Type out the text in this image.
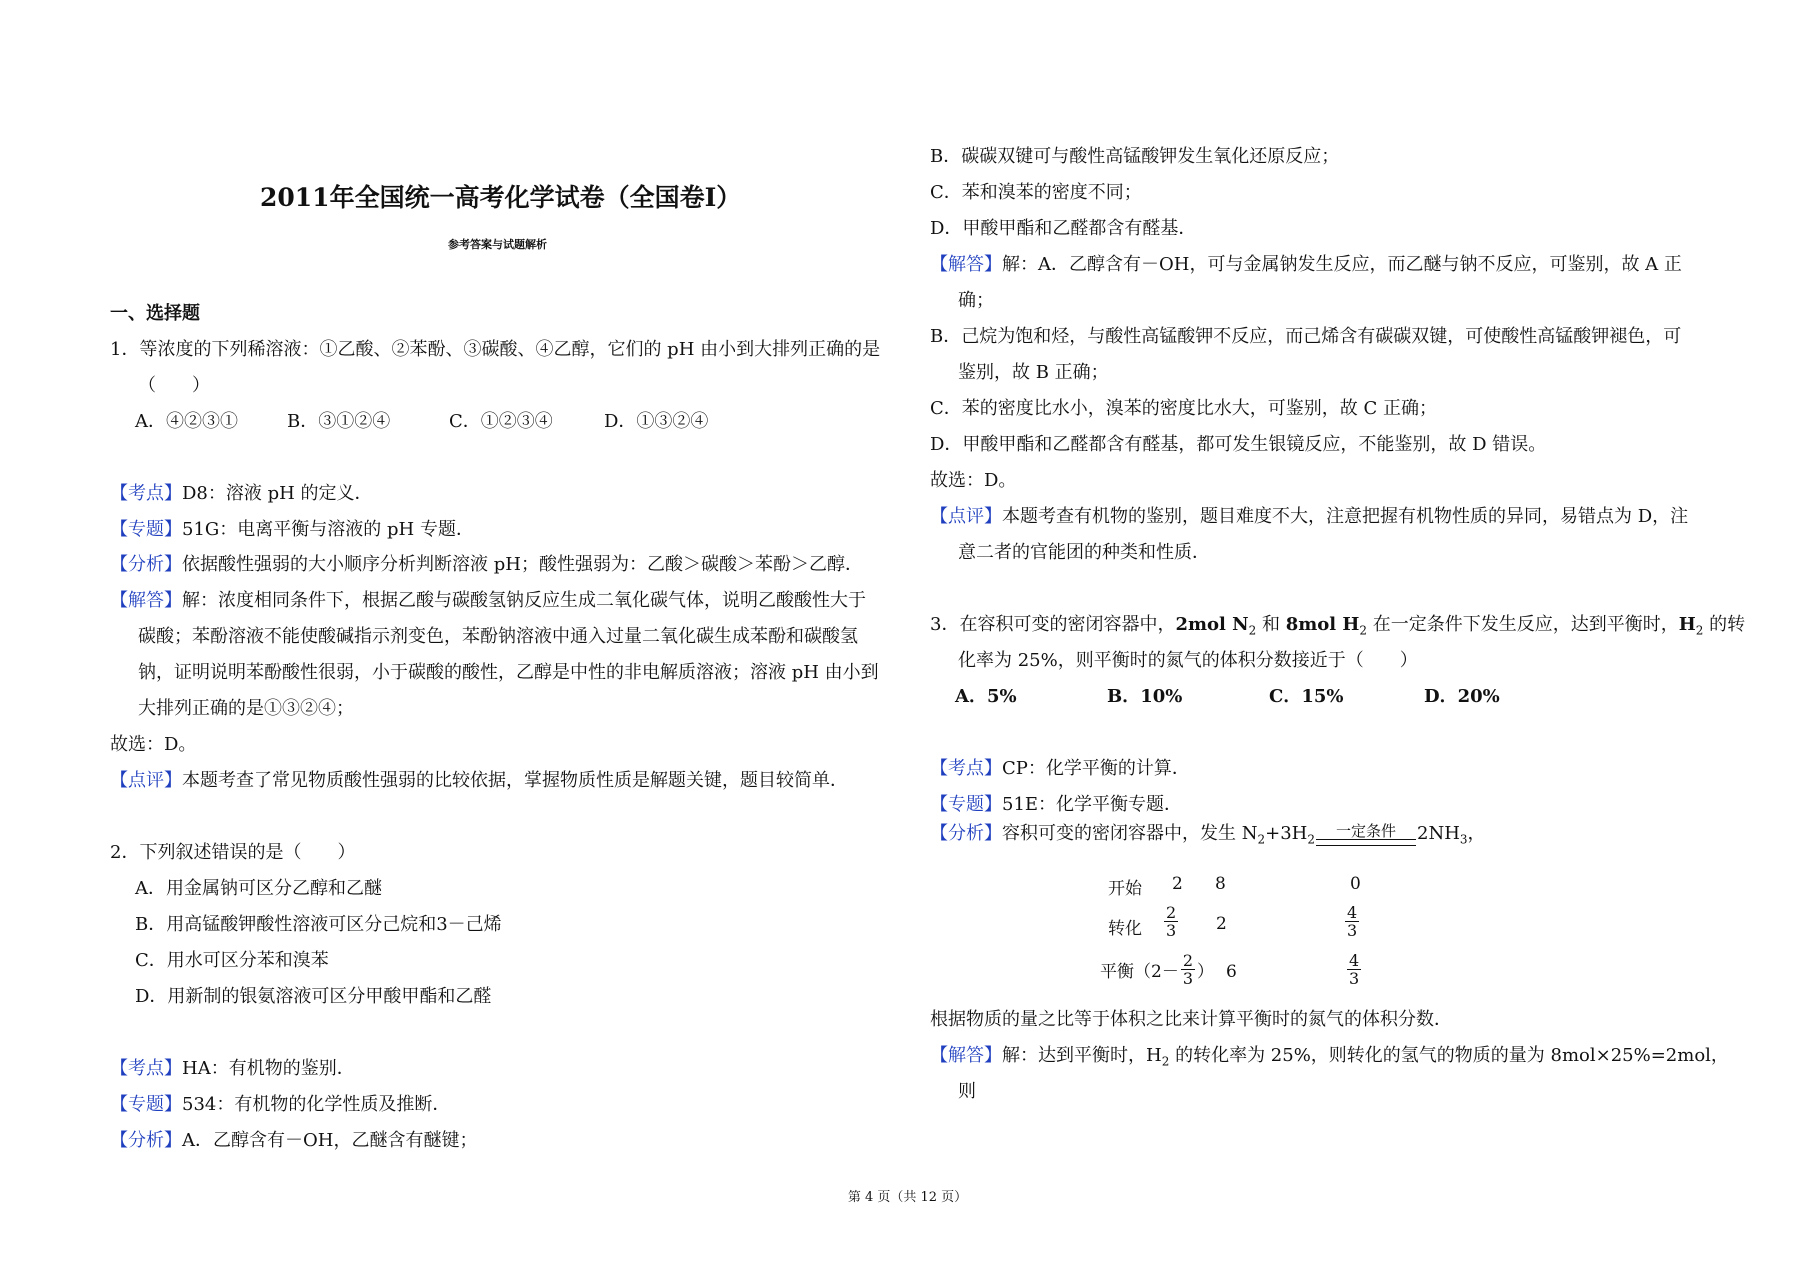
2011年全国统一高考化学试卷（全国卷I）
参考答案与试题解析
一、选择题
1．等浓度的下列稀溶液：①乙酸、②苯酚、③碳酸、④乙醇，它们的 pH 由小到大排列正确的是
（　　）
A．④②③①	B．③①②④	C．①②③④	D．①③②④
【考点】D8：溶液 pH 的定义．
【专题】51G：电离平衡与溶液的 pH 专题．
【分析】依据酸性强弱的大小顺序分析判断溶液 pH；酸性强弱为：乙酸＞碳酸＞苯酚＞乙醇．
【解答】解：浓度相同条件下，根据乙酸与碳酸氢钠反应生成二氧化碳气体，说明乙酸酸性大于
碳酸；苯酚溶液不能使酸碱指示剂变色，苯酚钠溶液中通入过量二氧化碳生成苯酚和碳酸氢
钠，证明说明苯酚酸性很弱，小于碳酸的酸性，乙醇是中性的非电解质溶液；溶液 pH 由小到
大排列正确的是①③②④；
故选：D。
【点评】本题考查了常见物质酸性强弱的比较依据，掌握物质性质是解题关键，题目较简单．
2．下列叙述错误的是（　　）
A．用金属钠可区分乙醇和乙醚
B．用高锰酸钾酸性溶液可区分己烷和3－己烯
C．用水可区分苯和溴苯
D．用新制的银氨溶液可区分甲酸甲酯和乙醛
【考点】HA：有机物的鉴别．
【专题】534：有机物的化学性质及推断．
【分析】A．乙醇含有－OH，乙醚含有醚键；
B．碳碳双键可与酸性高锰酸钾发生氧化还原反应；
C．苯和溴苯的密度不同；
D．甲酸甲酯和乙醛都含有醛基．
【解答】解：A．乙醇含有－OH，可与金属钠发生反应，而乙醚与钠不反应，可鉴别，故 A 正
确；
B．己烷为饱和烃，与酸性高锰酸钾不反应，而己烯含有碳碳双键，可使酸性高锰酸钾褪色，可
鉴别，故 B 正确；
C．苯的密度比水小，溴苯的密度比水大，可鉴别，故 C 正确；
D．甲酸甲酯和乙醛都含有醛基，都可发生银镜反应，不能鉴别，故 D 错误。
故选：D。
【点评】本题考查有机物的鉴别，题目难度不大，注意把握有机物性质的异同，易错点为 D，注
意二者的官能团的种类和性质．
3．在容积可变的密闭容器中，2mol $N_2$ 和 8mol $H_2$ 在一定条件下发生反应，达到平衡时，$H_2$ 的转
化率为 25%，则平衡时的氮气的体积分数接近于（　　）
A．5%	B．10%	C．15%	D．20%
【考点】CP：化学平衡的计算．
【专题】51E：化学平衡专题．
【分析】容积可变的密闭容器中，发生 $N_2+3H_2$ 一定条件 $2NH_3$，
开始 2 8	0
转化 $\frac{2}{3} 2$	$\frac{4}{3}$
平衡（$2- \frac{2}{3}$ ） 6	$\frac{4}{3}$
根据物质的量之比等于体积之比来计算平衡时的氮气的体积分数．
【解答】解：达到平衡时，$H_2$ 的转化率为 25%，则转化的氢气的物质的量为 8mol×25%=2mol，
则
第 4 页（共 12 页）
